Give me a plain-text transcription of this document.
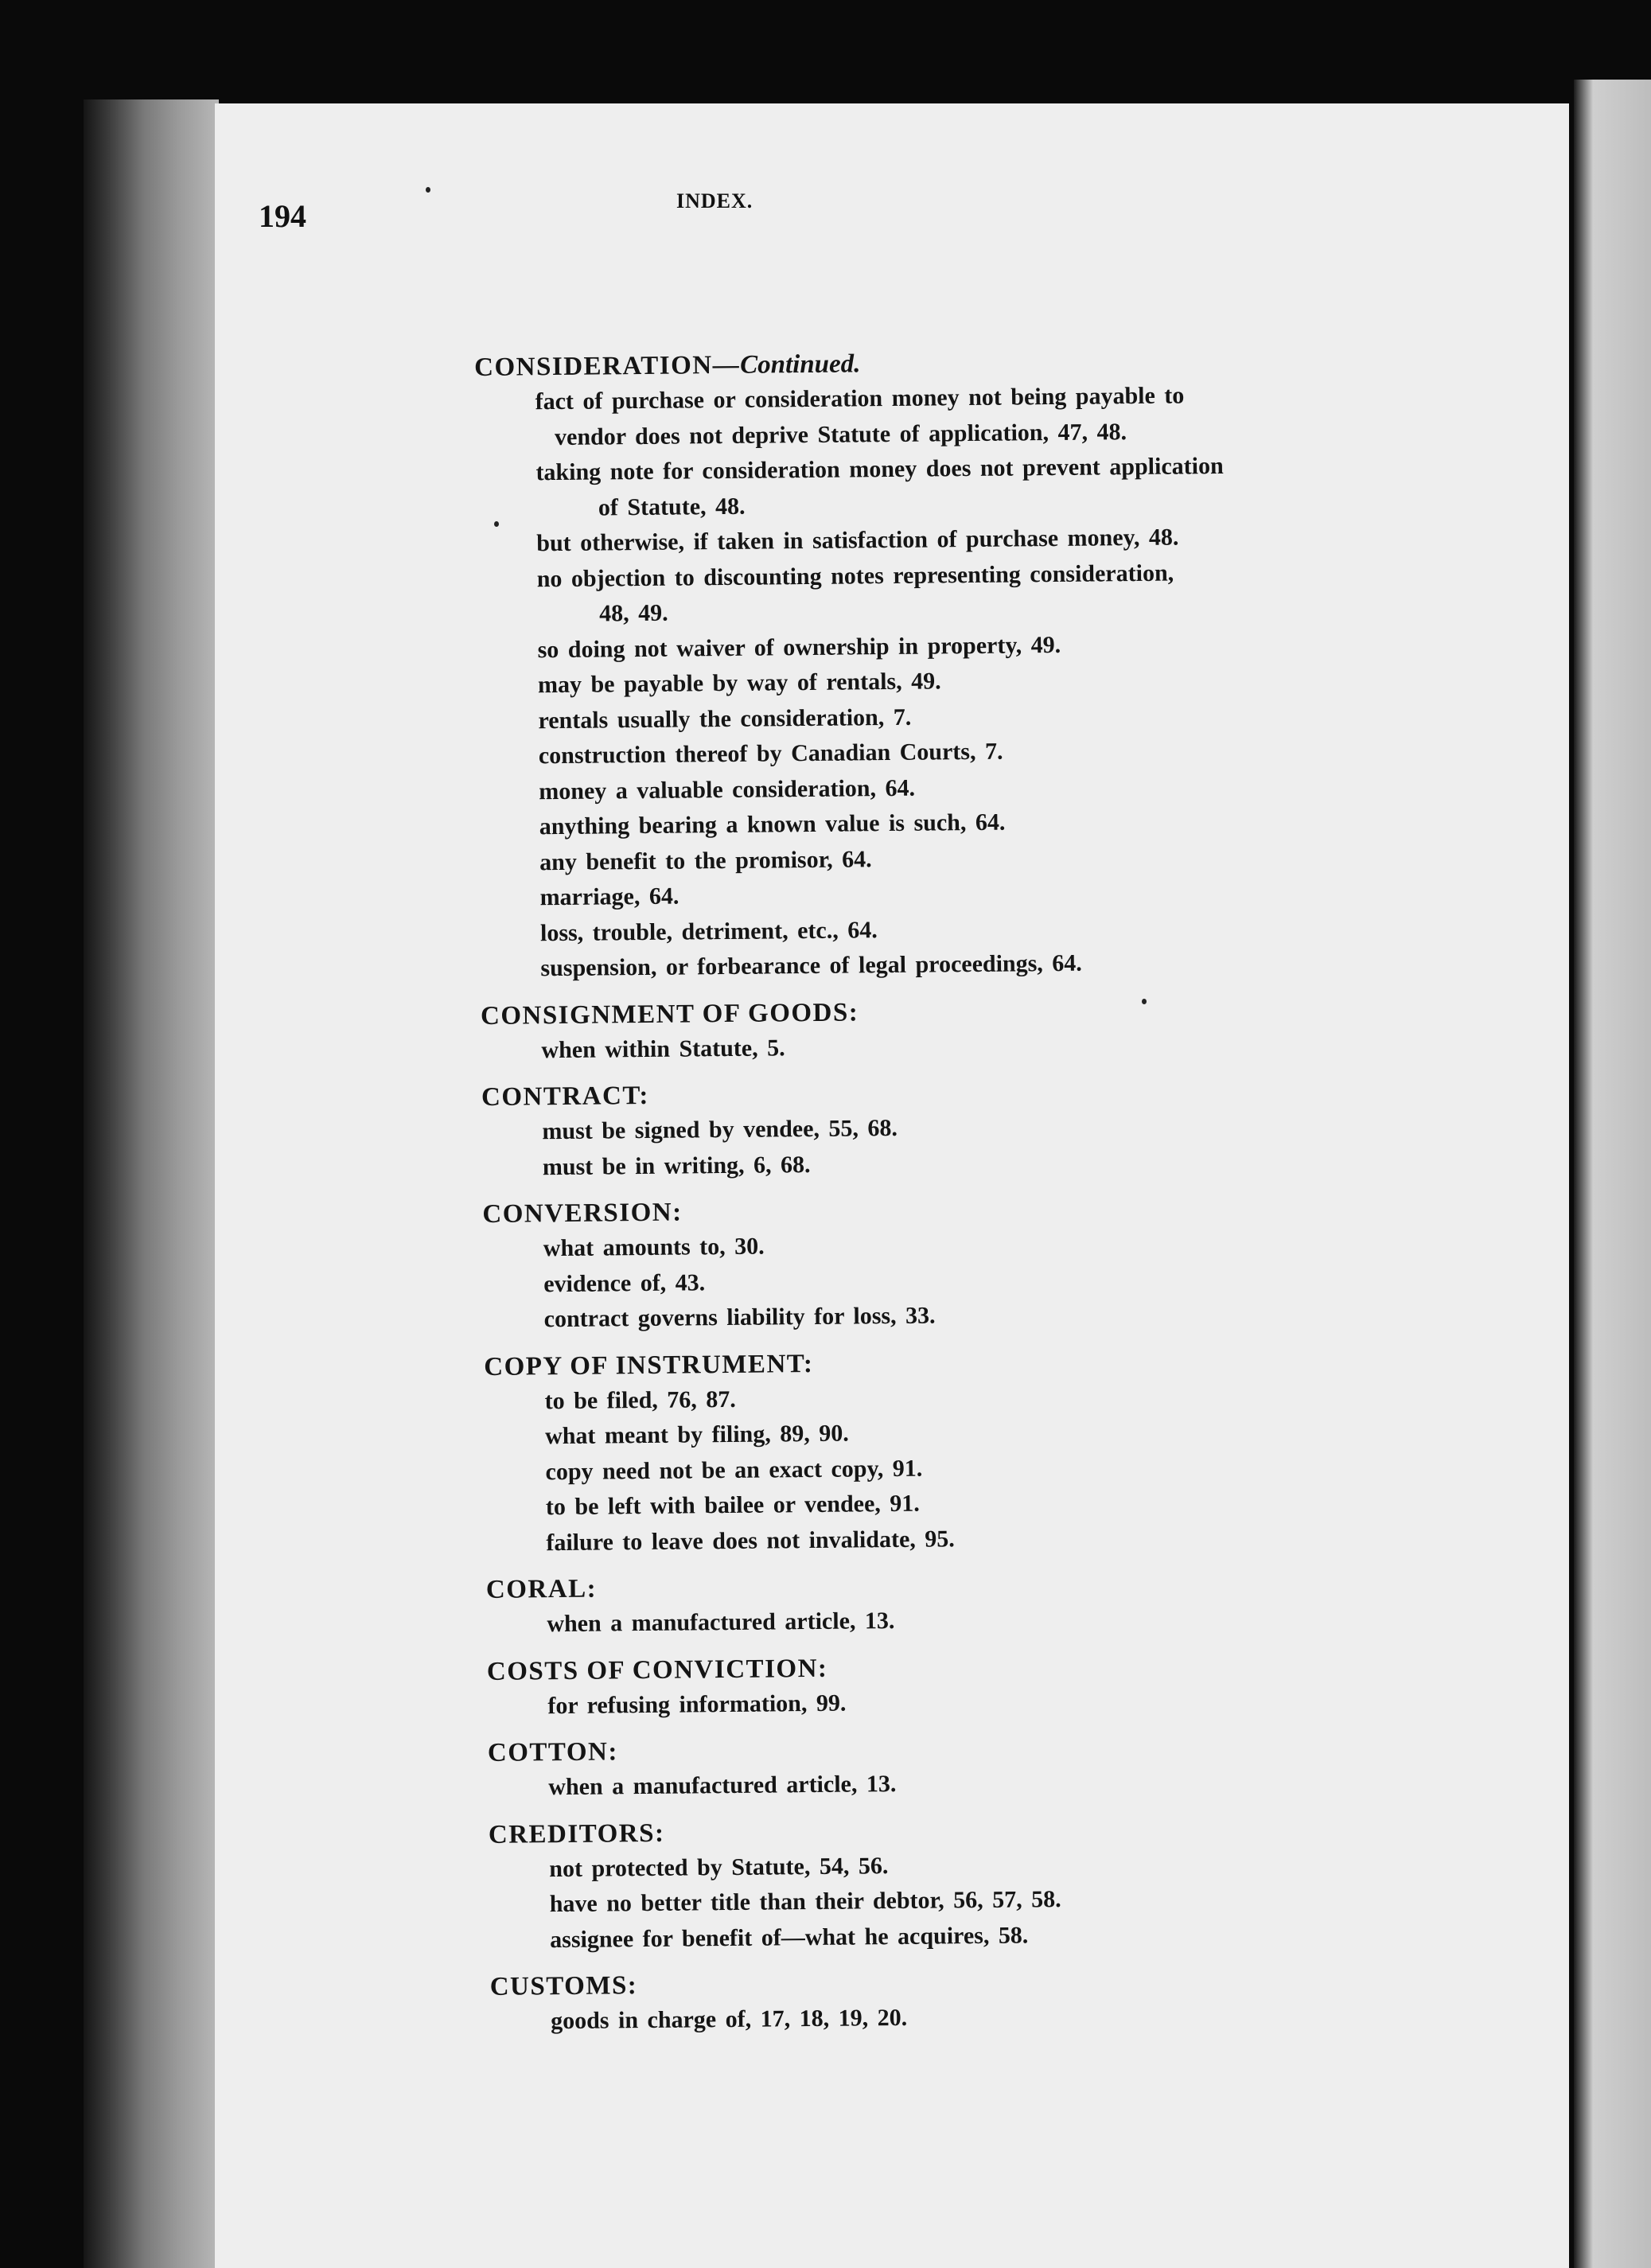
194	INDEX.
CONSIDERATION—Continued.
fact of purchase or consideration money not being payable to
vendor does not deprive Statute of application, 47, 48.
taking note for consideration money does not prevent application
of Statute, 48.
but otherwise, if taken in satisfaction of purchase money, 48.
no objection to discounting notes representing consideration,
48, 49.
so doing not waiver of ownership in property, 49.
may be payable by way of rentals, 49.
rentals usually the consideration, 7.
construction thereof by Canadian Courts, 7.
money a valuable consideration, 64.
anything bearing a known value is such, 64.
any benefit to the promisor, 64.
marriage, 64.
loss, trouble, detriment, etc., 64.
suspension, or forbearance of legal proceedings, 64.
CONSIGNMENT OF GOODS:
when within Statute, 5.
CONTRACT:
must be signed by vendee, 55, 68.
must be in writing, 6, 68.
CONVERSION:
what amounts to, 30.
evidence of, 43.
contract governs liability for loss, 33.
COPY OF INSTRUMENT:
to be filed, 76, 87.
what meant by filing, 89, 90.
copy need not be an exact copy, 91.
to be left with bailee or vendee, 91.
failure to leave does not invalidate, 95.
CORAL:
when a manufactured article, 13.
COSTS OF CONVICTION:
for refusing information, 99.
COTTON:
when a manufactured article, 13.
CREDITORS:
not protected by Statute, 54, 56.
have no better title than their debtor, 56, 57, 58.
assignee for benefit of—what he acquires, 58.
CUSTOMS:
goods in charge of, 17, 18, 19, 20.
